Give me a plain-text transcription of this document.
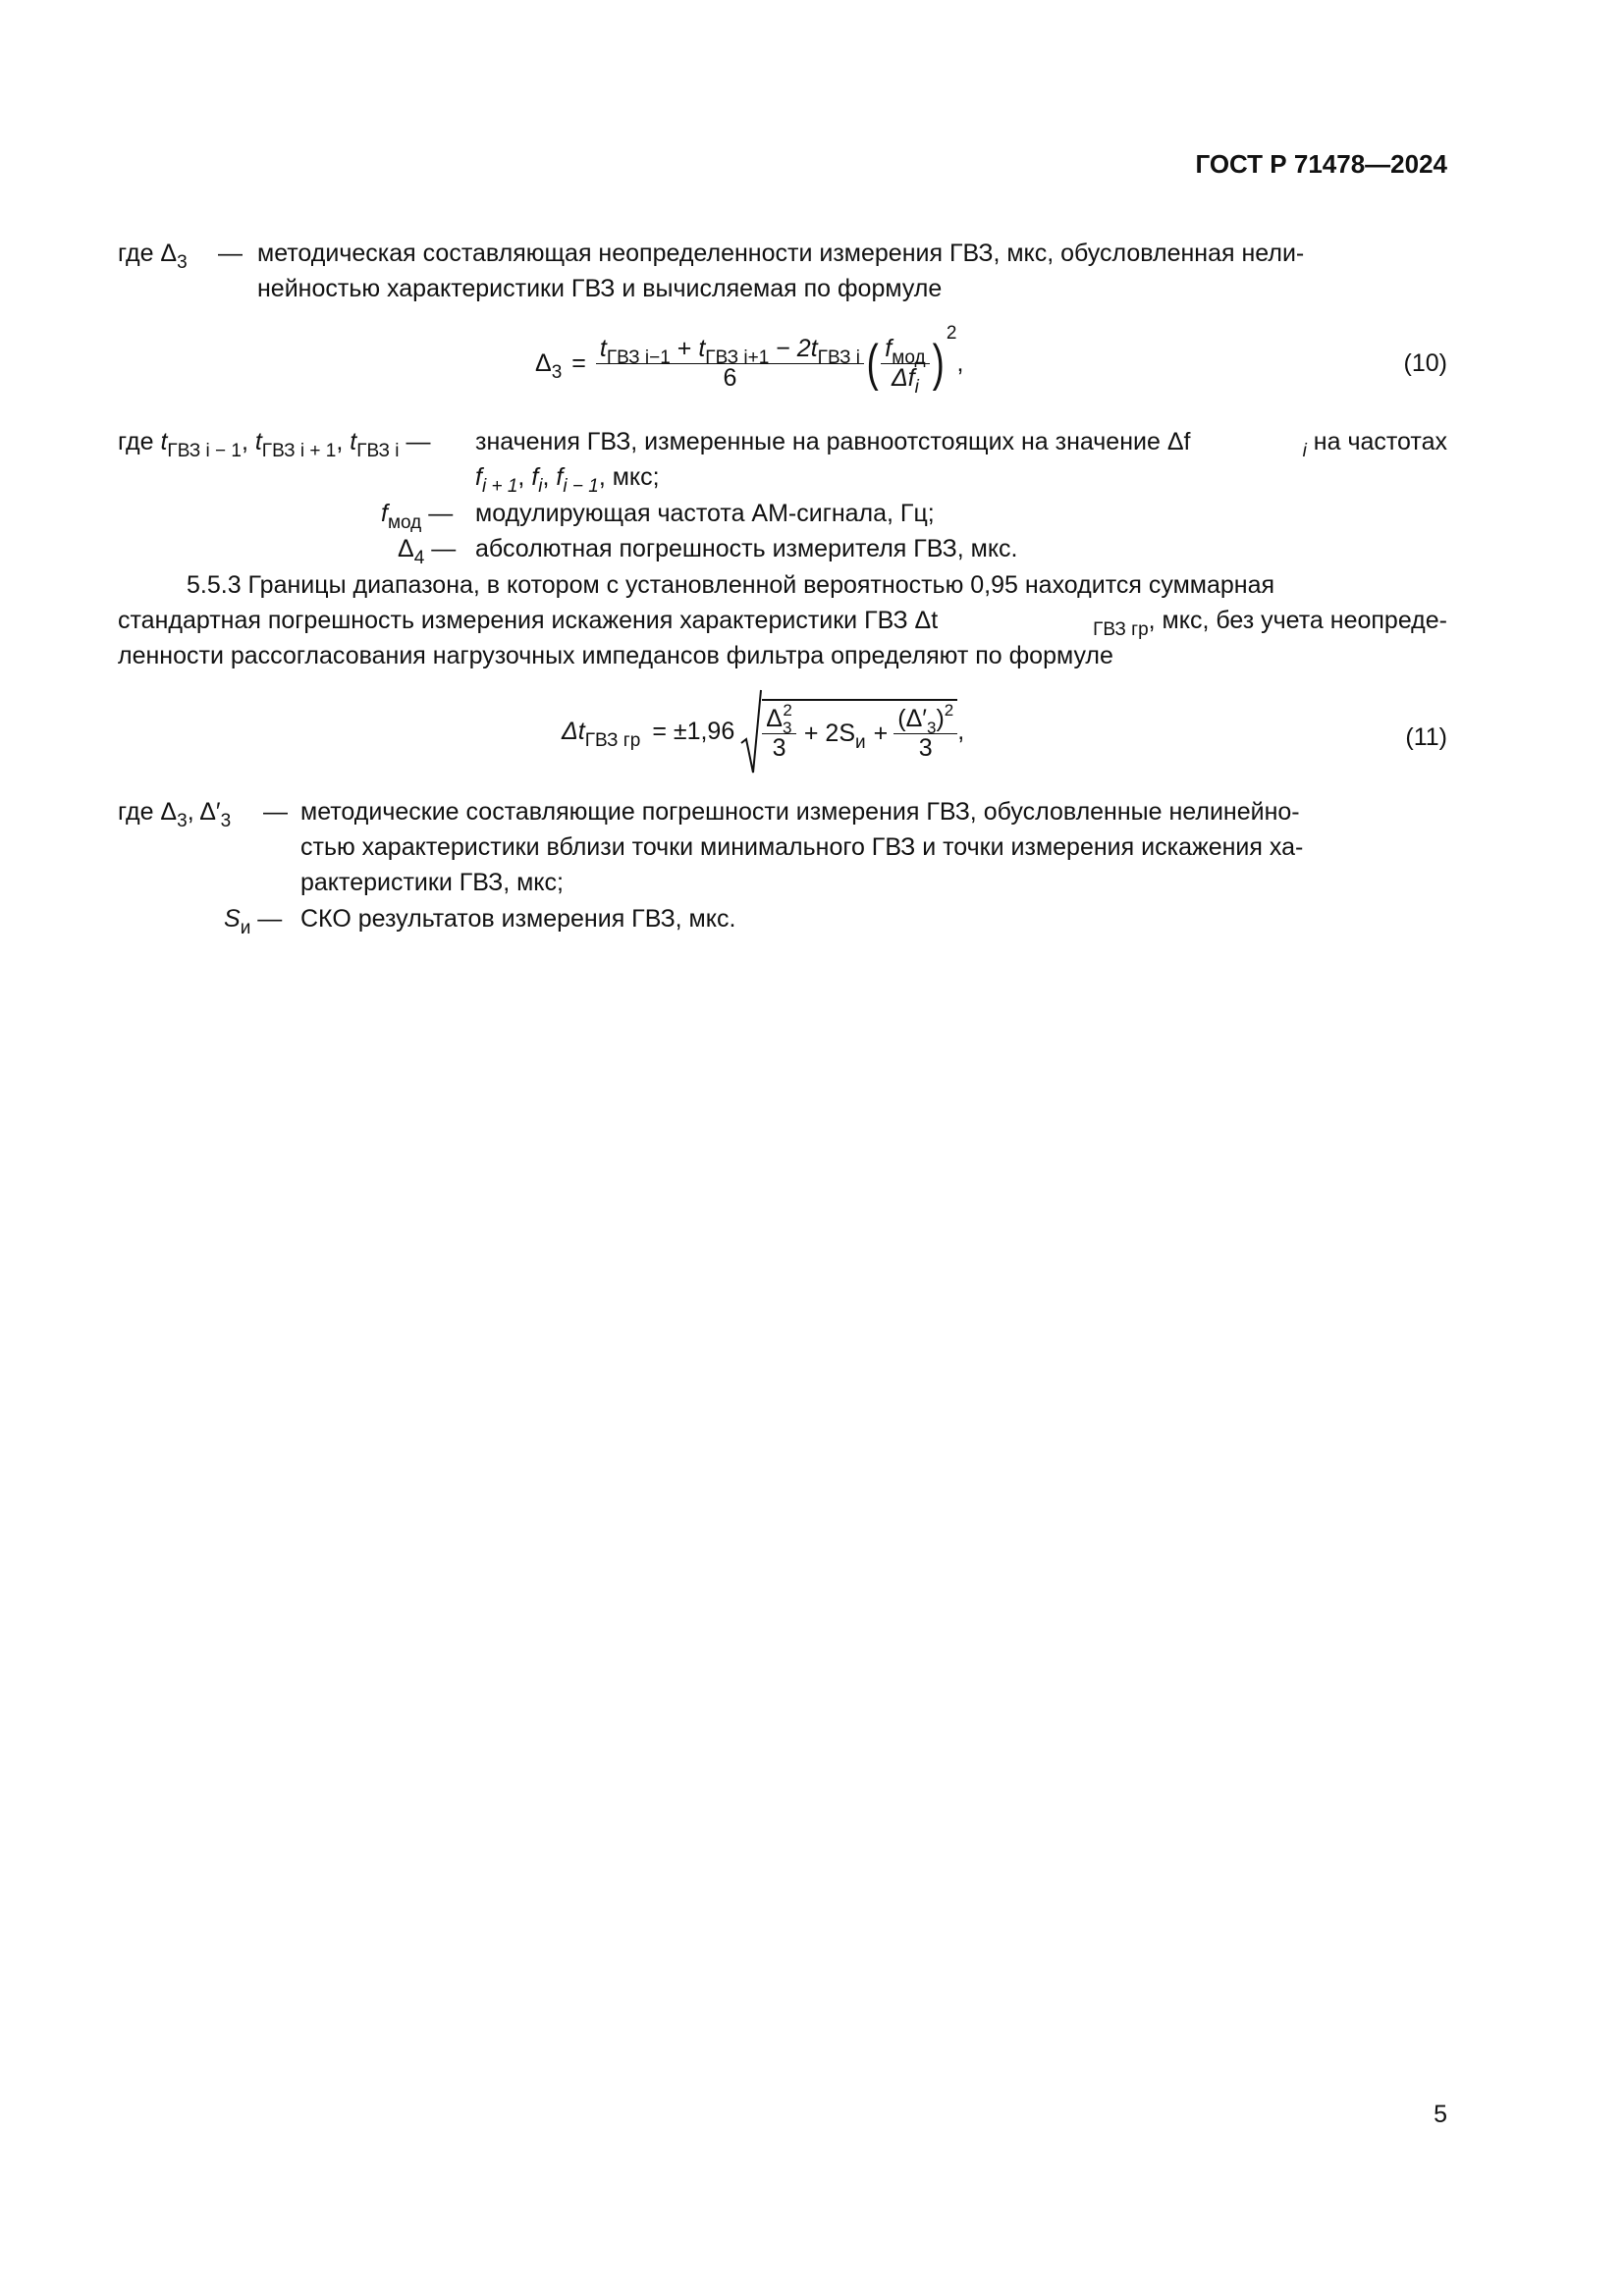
ГОСТ Р 71478—2024
где $\Delta_3$ — методическая составляющая неопределенности измерения ГВЗ, мкс, обусловленная нели-
нейностью характеристики ГВЗ и вычисляемая по формуле
$\Delta_3 = \frac{t_{ГВЗ i-1} + t_{ГВЗ i+1} - 2t_{ГВЗ i}}{6}$ ( $\frac{f_{мод}}{\Delta f_i}$ )
2
,	(10)
где $t_{ГВЗ i - 1}$, $t_{ГВЗ i + 1}$, $t_{ГВЗ i}$ — значения ГВЗ, измеренные на равноотстоящих на значение Δf	$_i$ на частотах
$f_{i + 1}$, $f_i$, $f_{i - 1}$, мкс;
$f_{мод}$ — модулирующая частота АМ-сигнала, Гц;
$\Delta_4$ — абсолютная погрешность измерителя ГВЗ, мкс.
5.5.3 Границы диапазона, в котором с установленной вероятностью 0,95 находится суммарная
стандартная погрешность измерения искажения характеристики ГВЗ Δt	$_{ГВЗ гр}$, мкс, без учета неопреде-
ленности рассогласования нагрузочных импедансов фильтра определяют по формуле
$\Delta t_{ГВЗ гр} = \pm 1,96 \frac{\Delta_3^2}{3} + 2S_и + \frac{(\Delta'_3)^2}{3}$ ,	(11)
где $\Delta_3$, $\Delta'_3$ — методические составляющие погрешности измерения ГВЗ, обусловленные нелинейно-
стью характеристики вблизи точки минимального ГВЗ и точки измерения искажения ха-
рактеристики ГВЗ, мкс;
$S_и$ — СКО результатов измерения ГВЗ, мкс.
5
